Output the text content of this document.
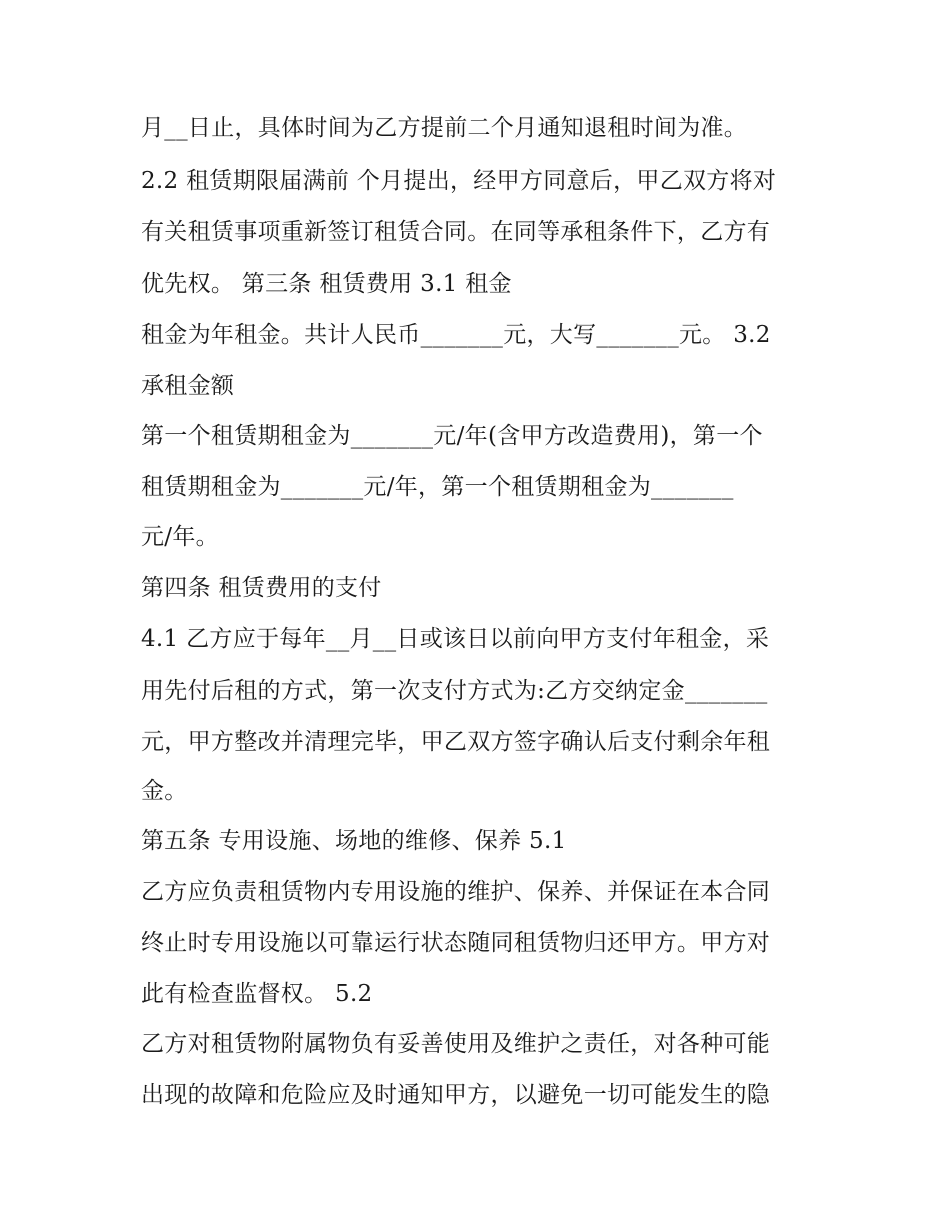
月__日止，具体时间为乙方提前二个月通知退租时间为准。
2.2 租赁期限届满前 个月提出，经甲方同意后，甲乙双方将对
有关租赁事项重新签订租赁合同。在同等承租条件下，乙方有
优先权。 第三条 租赁费用 3.1 租金
租金为年租金。共计人民币_______元，大写_______元。 3.2
承租金额
第一个租赁期租金为_______元/年(含甲方改造费用)，第一个
租赁期租金为_______元/年，第一个租赁期租金为_______
元/年。
第四条 租赁费用的支付
4.1 乙方应于每年__月__日或该日以前向甲方支付年租金，采
用先付后租的方式，第一次支付方式为:乙方交纳定金_______
元，甲方整改并清理完毕，甲乙双方签字确认后支付剩余年租
金。
第五条 专用设施、场地的维修、保养 5.1
乙方应负责租赁物内专用设施的维护、保养、并保证在本合同
终止时专用设施以可靠运行状态随同租赁物归还甲方。甲方对
此有检查监督权。 5.2
乙方对租赁物附属物负有妥善使用及维护之责任，对各种可能
出现的故障和危险应及时通知甲方，以避免一切可能发生的隐
